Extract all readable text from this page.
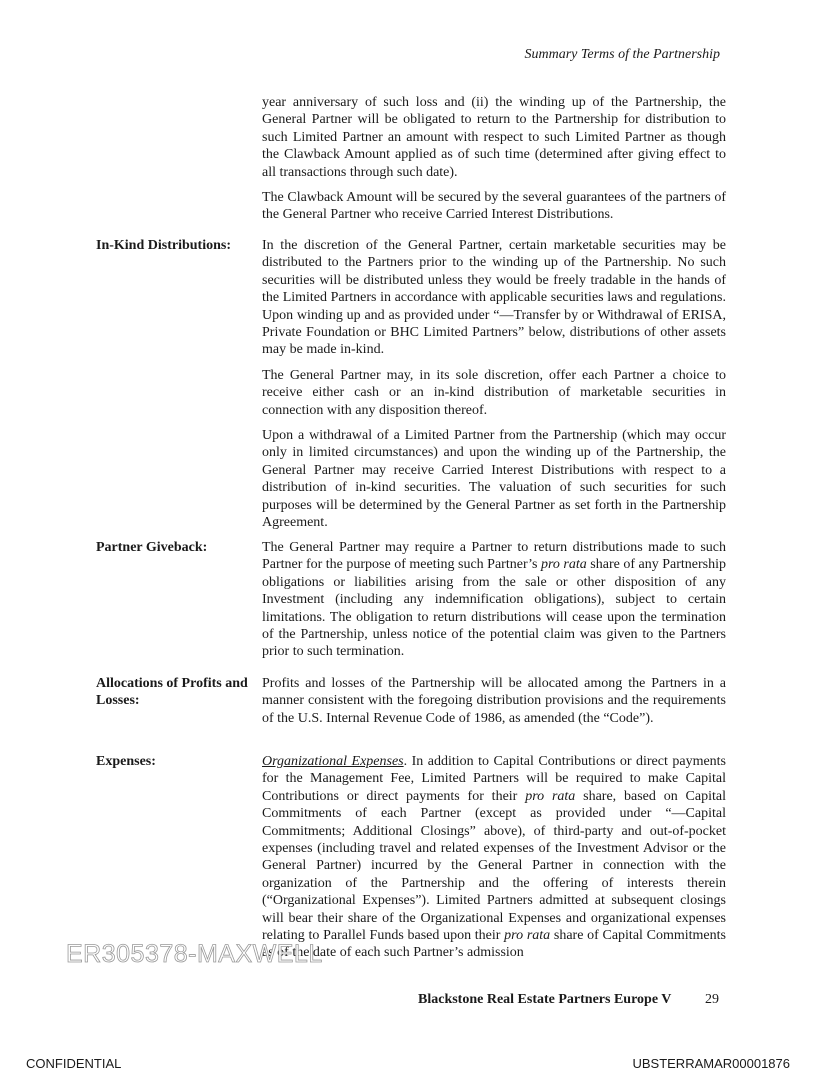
Summary Terms of the Partnership

year anniversary of such loss and (ii) the winding up of the Partnership, the General Partner will be obligated to return to the Partnership for distribution to such Limited Partner an amount with respect to such Limited Partner as though the Clawback Amount applied as of such time (determined after giving effect to all transactions through such date).

The Clawback Amount will be secured by the several guarantees of the partners of the General Partner who receive Carried Interest Distributions.

In-Kind Distributions:	In the discretion of the General Partner, certain marketable securities may be distributed to the Partners prior to the winding up of the Partnership. No such securities will be distributed unless they would be freely tradable in the hands of the Limited Partners in accordance with applicable securities laws and regulations. Upon winding up and as provided under “—Transfer by or Withdrawal of ERISA, Private Foundation or BHC Limited Partners” below, distributions of other assets may be made in-kind.

The General Partner may, in its sole discretion, offer each Partner a choice to receive either cash or an in-kind distribution of marketable securities in connection with any disposition thereof.

Upon a withdrawal of a Limited Partner from the Partnership (which may occur only in limited circumstances) and upon the winding up of the Partnership, the General Partner may receive Carried Interest Distributions with respect to a distribution of in-kind securities. The valuation of such securities for such purposes will be determined by the General Partner as set forth in the Partnership Agreement.

Partner Giveback:	The General Partner may require a Partner to return distributions made to such Partner for the purpose of meeting such Partner’s pro rata share of any Partnership obligations or liabilities arising from the sale or other disposition of any Investment (including any indemnification obligations), subject to certain limitations. The obligation to return distributions will cease upon the termination of the Partnership, unless notice of the potential claim was given to the Partners prior to such termination.

Allocations of Profits and Losses:

Profits and losses of the Partnership will be allocated among the Partners in a manner consistent with the foregoing distribution provisions and the requirements of the U.S. Internal Revenue Code of 1986, as amended (the “Code”).

Expenses:	Organizational Expenses. In addition to Capital Contributions or direct payments for the Management Fee, Limited Partners will be required to make Capital Contributions or direct payments for their pro rata share, based on Capital Commitments of each Partner (except as provided under “—Capital Commitments; Additional Closings” above), of third-party and out-of-pocket expenses (including travel and related expenses of the Investment Advisor or the General Partner) incurred by the General Partner in connection with the organization of the Partnership and the offering of interests therein (“Organizational Expenses”). Limited Partners admitted at subsequent closings will bear their share of the Organizational Expenses and organizational expenses relating to Parallel Funds based upon their pro rata share of Capital Commitments as of the date of each such Partner’s admission

ER305378-MAXWELL
Blackstone Real Estate Partners Europe V 29
CONFIDENTIAL	UBSTERRAMAR00001876
